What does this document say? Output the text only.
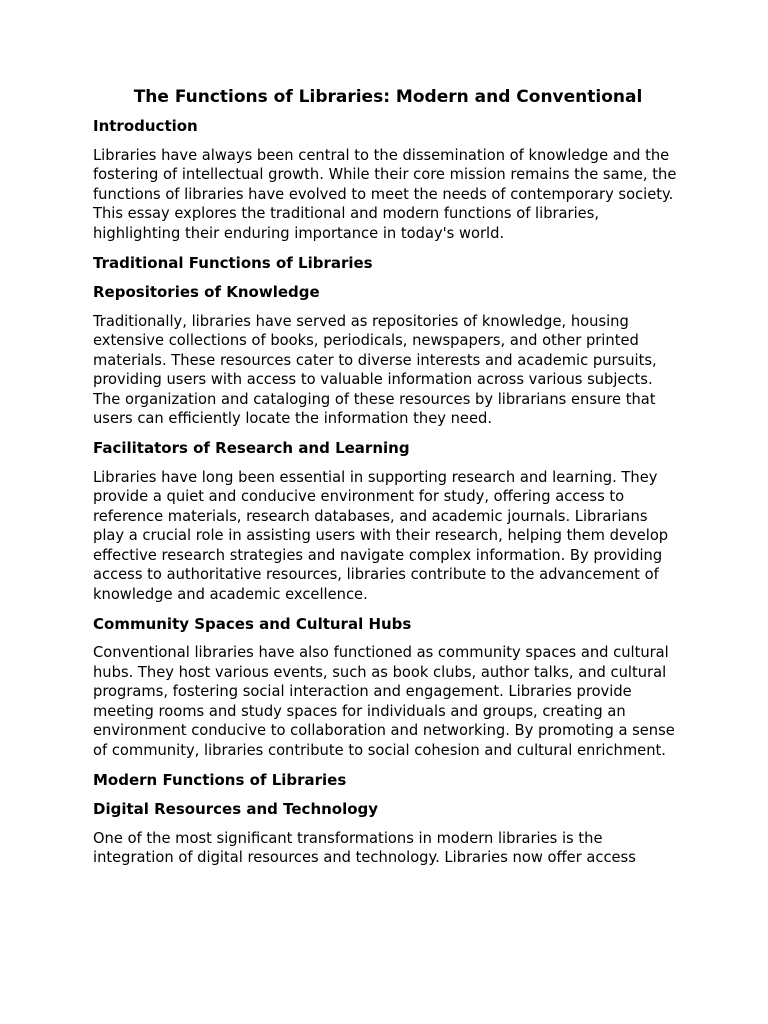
The Functions of Libraries: Modern and Conventional
Introduction
Libraries have always been central to the dissemination of knowledge and the fostering of intellectual growth. While their core mission remains the same, the functions of libraries have evolved to meet the needs of contemporary society. This essay explores the traditional and modern functions of libraries, highlighting their enduring importance in today's world.
Traditional Functions of Libraries
Repositories of Knowledge
Traditionally, libraries have served as repositories of knowledge, housing extensive collections of books, periodicals, newspapers, and other printed materials. These resources cater to diverse interests and academic pursuits, providing users with access to valuable information across various subjects. The organization and cataloging of these resources by librarians ensure that users can efficiently locate the information they need.
Facilitators of Research and Learning
Libraries have long been essential in supporting research and learning. They provide a quiet and conducive environment for study, offering access to reference materials, research databases, and academic journals. Librarians play a crucial role in assisting users with their research, helping them develop effective research strategies and navigate complex information. By providing access to authoritative resources, libraries contribute to the advancement of knowledge and academic excellence.
Community Spaces and Cultural Hubs
Conventional libraries have also functioned as community spaces and cultural hubs. They host various events, such as book clubs, author talks, and cultural programs, fostering social interaction and engagement. Libraries provide meeting rooms and study spaces for individuals and groups, creating an environment conducive to collaboration and networking. By promoting a sense of community, libraries contribute to social cohesion and cultural enrichment.
Modern Functions of Libraries
Digital Resources and Technology
One of the most significant transformations in modern libraries is the integration of digital resources and technology. Libraries now offer access
